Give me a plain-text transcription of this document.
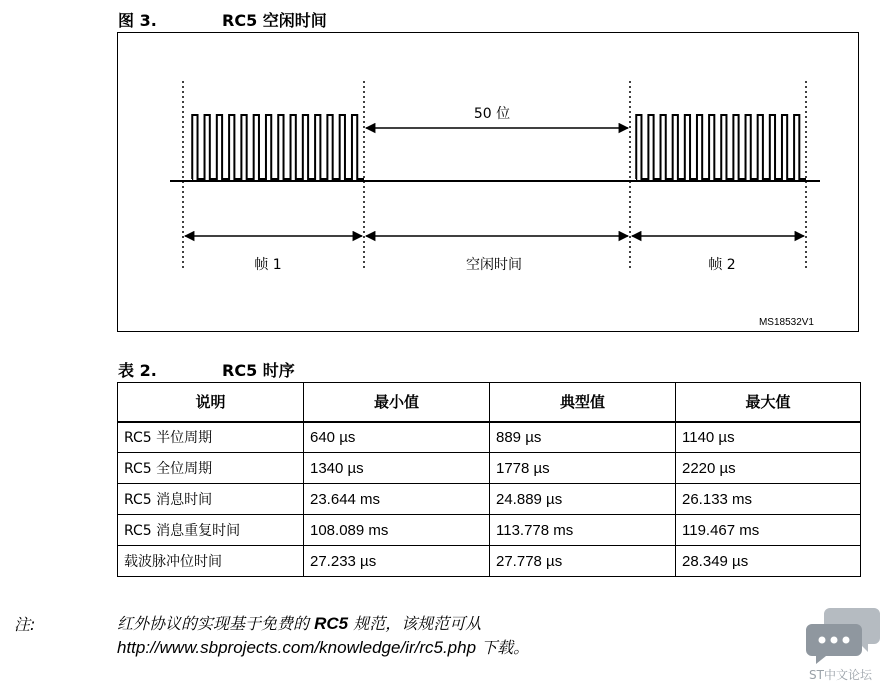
图 3.	RC5 空闲时间
50 位
帧 1	空闲时间	帧 2
MS18532V1
表 2.	RC5 时序
说明	最小值	典型值	最大值
RC5 半位周期	640 µs	889 µs	1140 µs
RC5 全位周期	1340 µs	1778 µs	2220 µs
RC5 消息时间	23.644 ms	24.889 µs	26.133 ms
RC5 消息重复时间	108.089 ms	113.778 ms	119.467 ms
载波脉冲位时间	27.233 µs	27.778 µs	28.349 µs
注:	红外协议的实现基于免费的 RC5 规范，该规范可从
http://www.sbprojects.com/knowledge/ir/rc5.php 下载。
ST中文论坛
